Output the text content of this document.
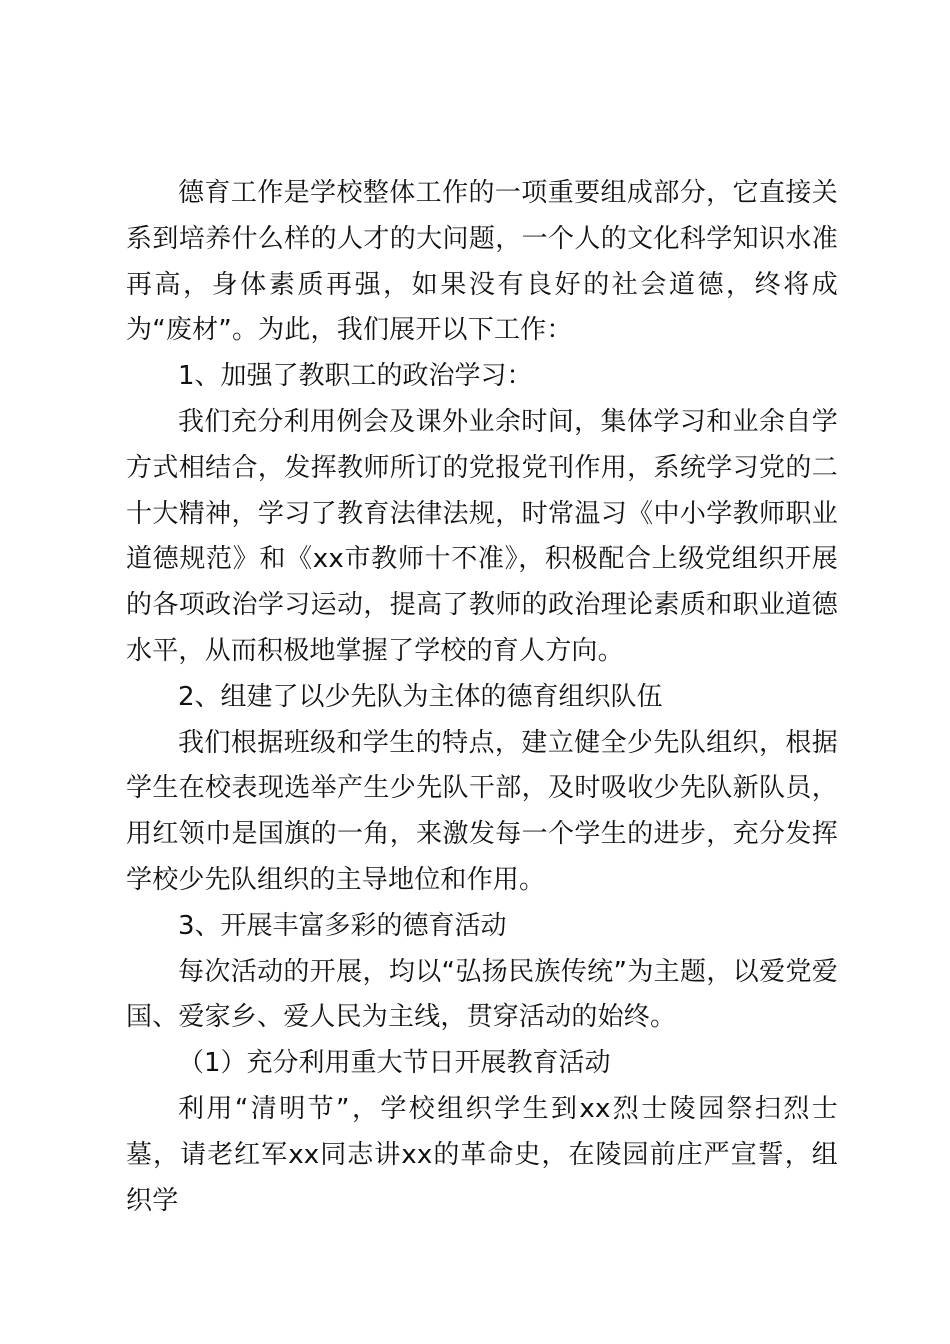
德育工作是学校整体工作的一项重要组成部分，它直接关系到培养什么样的人才的大问题，一个人的文化科学知识水准再高，身体素质再强，如果没有良好的社会道德，终将成为“废材”。为此，我们展开以下工作：

1、加强了教职工的政治学习：

我们充分利用例会及课外业余时间，集体学习和业余自学方式相结合，发挥教师所订的党报党刊作用，系统学习党的二十大精神，学习了教育法律法规，时常温习《中小学教师职业道德规范》和《xx市教师十不准》，积极配合上级党组织开展的各项政治学习运动，提高了教师的政治理论素质和职业道德水平，从而积极地掌握了学校的育人方向。

2、组建了以少先队为主体的德育组织队伍

我们根据班级和学生的特点，建立健全少先队组织，根据学生在校表现选举产生少先队干部，及时吸收少先队新队员，用红领巾是国旗的一角，来激发每一个学生的进步，充分发挥学校少先队组织的主导地位和作用。

3、开展丰富多彩的德育活动

每次活动的开展，均以“弘扬民族传统”为主题，以爱党爱国、爱家乡、爱人民为主线，贯穿活动的始终。

（1）充分利用重大节日开展教育活动

利用“清明节”，学校组织学生到xx烈士陵园祭扫烈士墓，请老红军xx同志讲xx的革命史，在陵园前庄严宣誓，组织学
